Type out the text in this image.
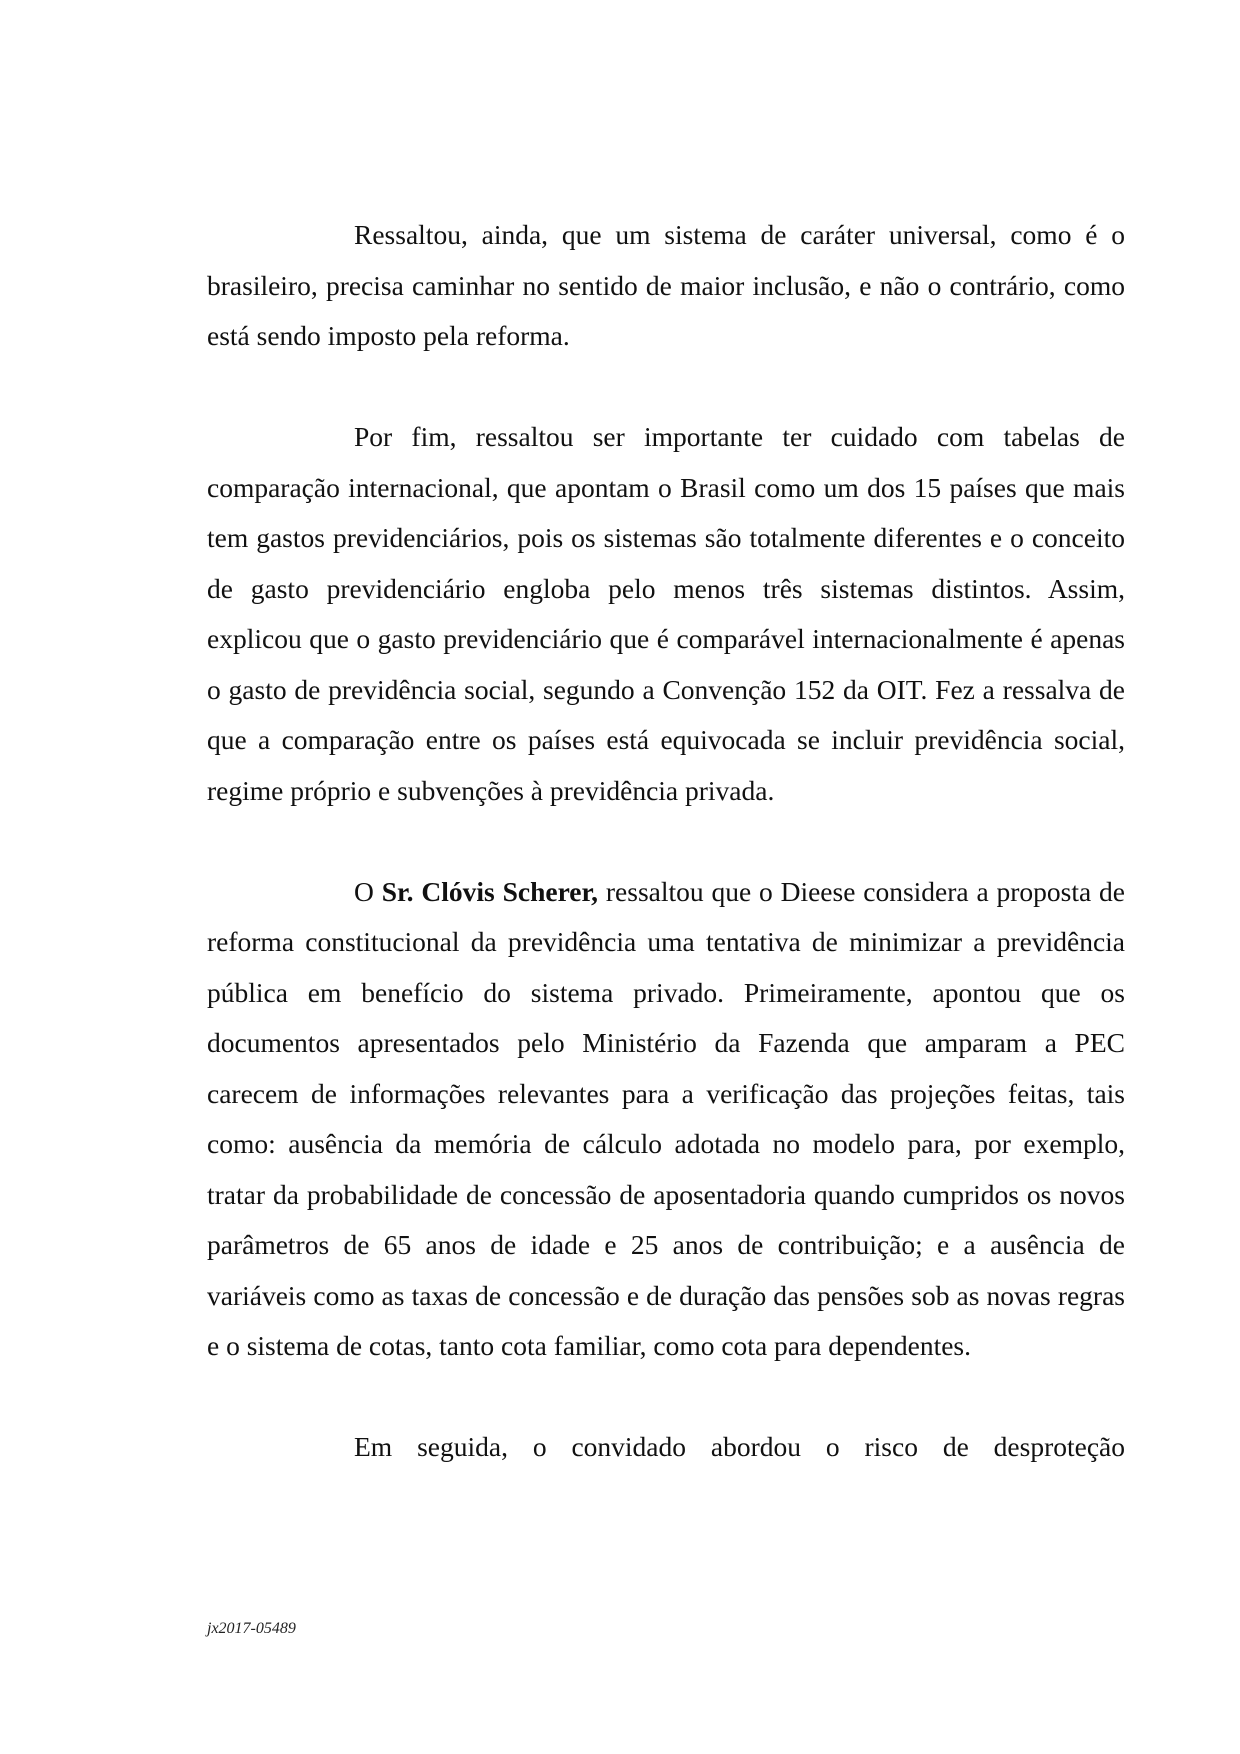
Ressaltou, ainda, que um sistema de caráter universal, como é o brasileiro, precisa caminhar no sentido de maior inclusão, e não o contrário, como está sendo imposto pela reforma.

Por fim, ressaltou ser importante ter cuidado com tabelas de comparação internacional, que apontam o Brasil como um dos 15 países que mais tem gastos previdenciários, pois os sistemas são totalmente diferentes e o conceito de gasto previdenciário engloba pelo menos três sistemas distintos. Assim, explicou que o gasto previdenciário que é comparável internacionalmente é apenas o gasto de previdência social, segundo a Convenção 152 da OIT. Fez a ressalva de que a comparação entre os países está equivocada se incluir previdência social, regime próprio e subvenções à previdência privada.

O Sr. Clóvis Scherer, ressaltou que o Dieese considera a proposta de reforma constitucional da previdência uma tentativa de minimizar a previdência pública em benefício do sistema privado. Primeiramente, apontou que os documentos apresentados pelo Ministério da Fazenda que amparam a PEC carecem de informações relevantes para a verificação das projeções feitas, tais como: ausência da memória de cálculo adotada no modelo para, por exemplo, tratar da probabilidade de concessão de aposentadoria quando cumpridos os novos parâmetros de 65 anos de idade e 25 anos de contribuição; e a ausência de variáveis como as taxas de concessão e de duração das pensões sob as novas regras e o sistema de cotas, tanto cota familiar, como cota para dependentes.

Em seguida, o convidado abordou o risco de desproteção

jx2017-05489
